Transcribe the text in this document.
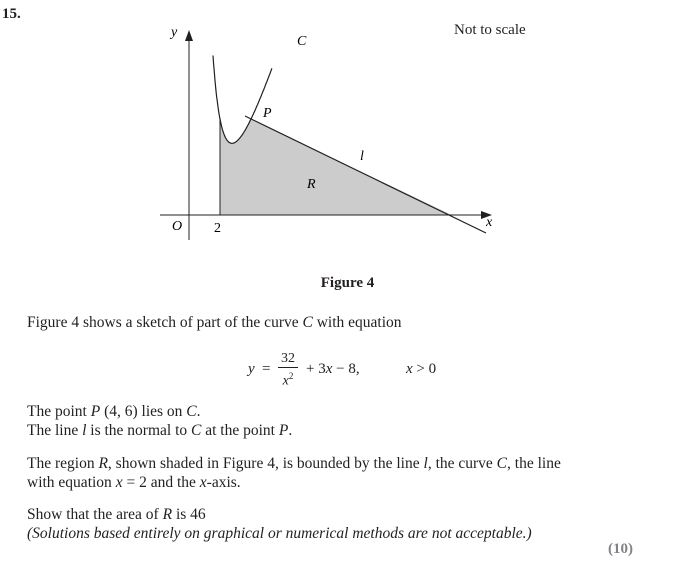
15.
Not to scale
y
x
O 2
C
P
l
R
Figure 4
Figure 4 shows a sketch of part of the curve C with equation
$y = \frac{32}{x^2} + 3x - 8$,	x > 0
The point P (4, 6) lies on C.
The line l is the normal to C at the point P.
The region R, shown shaded in Figure 4, is bounded by the line l, the curve C, the line
with equation x = 2 and the x-axis.
Show that the area of R is 46
(Solutions based entirely on graphical or numerical methods are not acceptable.)
(10)
